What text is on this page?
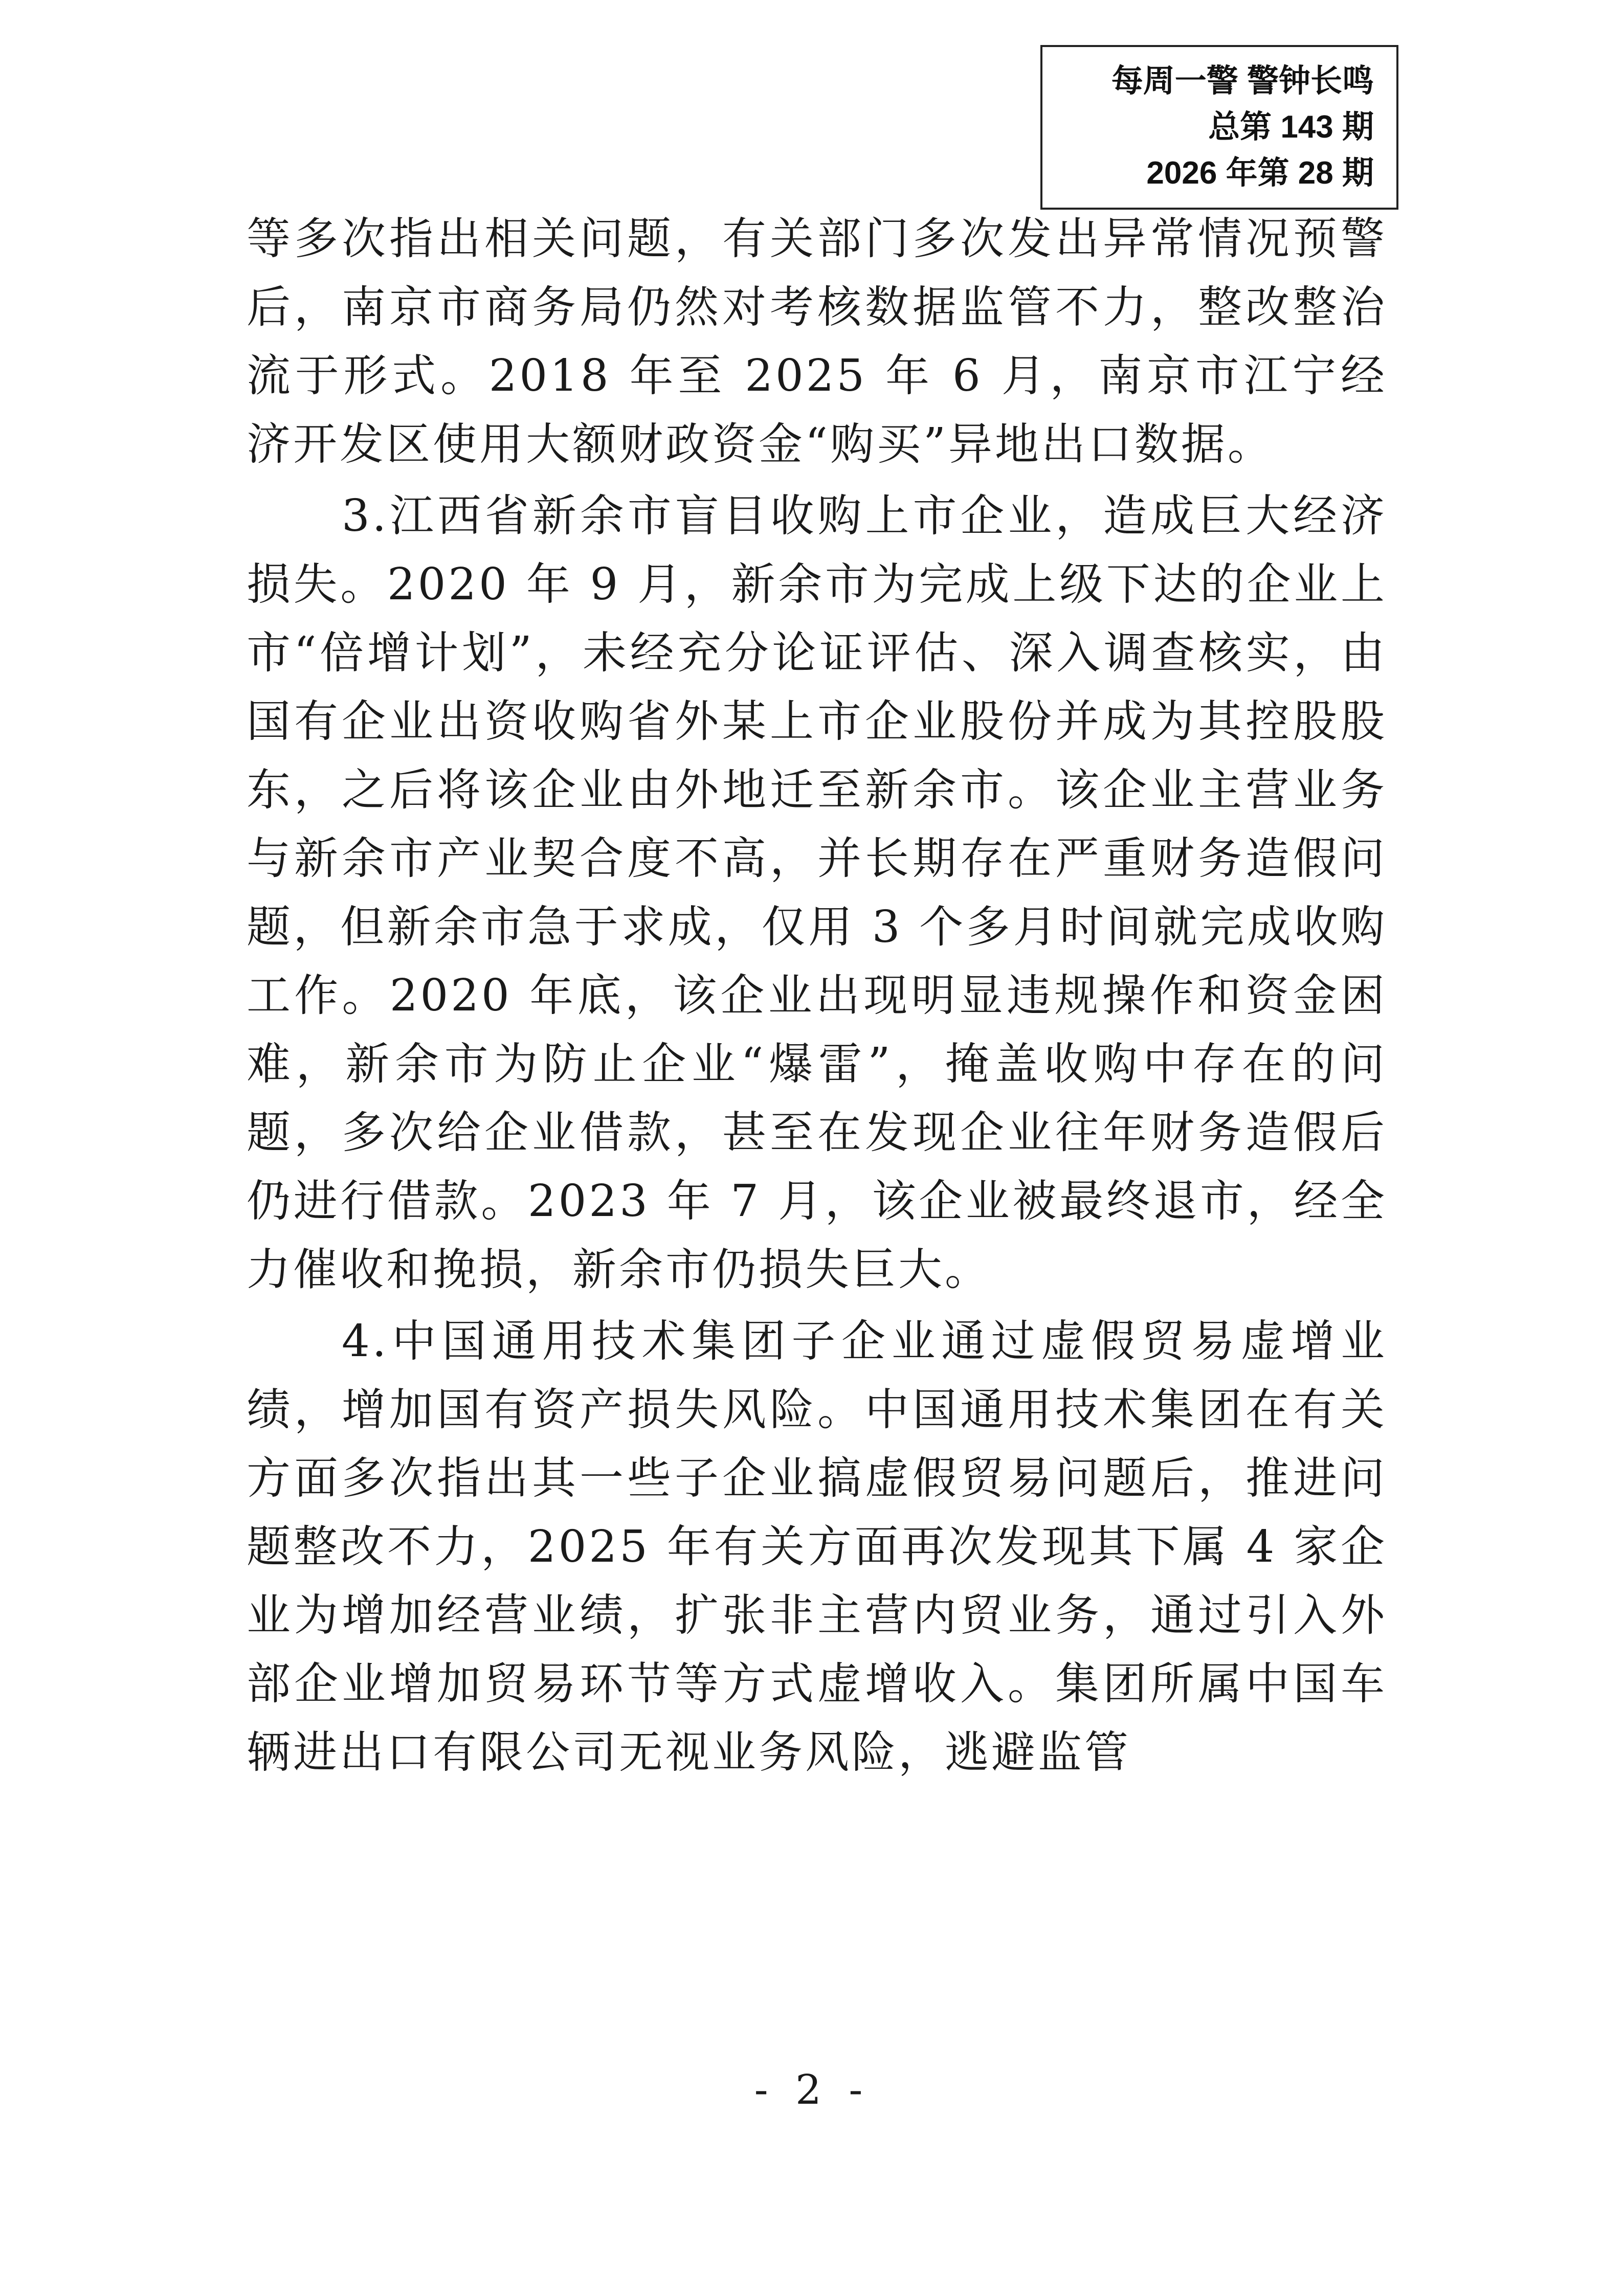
每周一警 警钟长鸣
总第 143 期
2026 年第 28 期

等多次指出相关问题，有关部门多次发出异常情况预警后，南京市商务局仍然对考核数据监管不力，整改整治流于形式。2018 年至 2025 年 6 月，南京市江宁经济开发区使用大额财政资金“购买”异地出口数据。

3.江西省新余市盲目收购上市企业，造成巨大经济损失。2020 年 9 月，新余市为完成上级下达的企业上市“倍增计划”，未经充分论证评估、深入调查核实，由国有企业出资收购省外某上市企业股份并成为其控股股东，之后将该企业由外地迁至新余市。该企业主营业务与新余市产业契合度不高，并长期存在严重财务造假问题，但新余市急于求成，仅用 3 个多月时间就完成收购工作。2020 年底，该企业出现明显违规操作和资金困难，新余市为防止企业“爆雷”，掩盖收购中存在的问题，多次给企业借款，甚至在发现企业往年财务造假后仍进行借款。2023 年 7 月，该企业被最终退市，经全力催收和挽损，新余市仍损失巨大。

4.中国通用技术集团子企业通过虚假贸易虚增业绩，增加国有资产损失风险。中国通用技术集团在有关方面多次指出其一些子企业搞虚假贸易问题后，推进问题整改不力，2025 年有关方面再次发现其下属 4 家企业为增加经营业绩，扩张非主营内贸业务，通过引入外部企业增加贸易环节等方式虚增收入。集团所属中国车辆进出口有限公司无视业务风险，逃避监管

- 2 -
